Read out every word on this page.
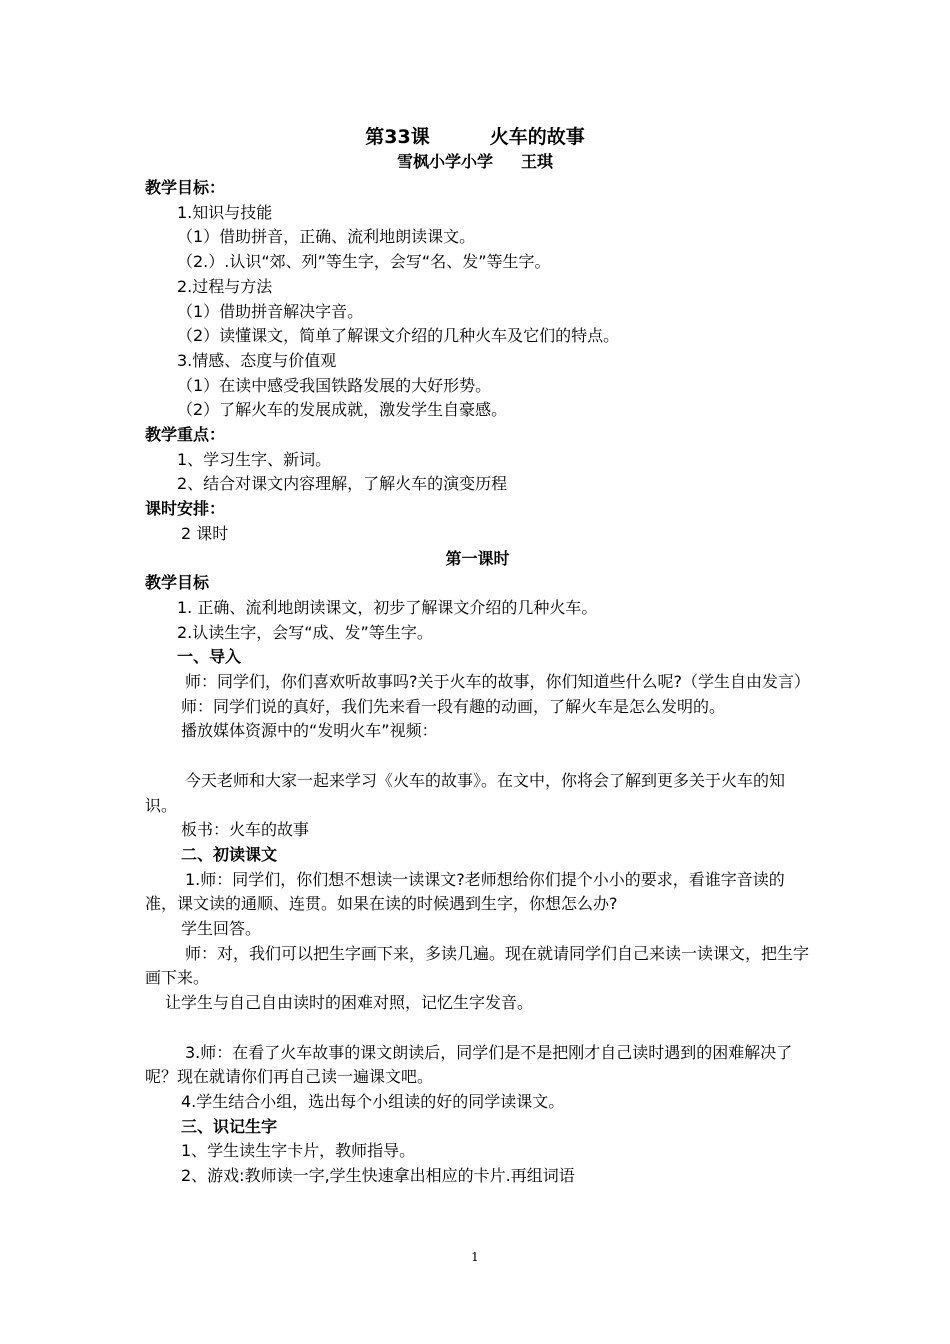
第33课	火车的故事
雪枫小学小学 王琪

教学目标：

1.知识与技能

（1）借助拼音，正确、流利地朗读课文。

（2.）.认识“郊、列”等生字，会写“名、发”等生字。

2.过程与方法

（1）借助拼音解决字音。

（2）读懂课文，简单了解课文介绍的几种火车及它们的特点。

3.情感、态度与价值观

（1）在读中感受我国铁路发展的大好形势。

（2）了解火车的发展成就，激发学生自豪感。

教学重点：

1、学习生字、新词。

2、结合对课文内容理解，了解火车的演变历程

课时安排：

2 课时

第一课时

教学目标

1. 正确、流利地朗读课文，初步了解课文介绍的几种火车。

2.认读生字，会写“成、发”等生字。

一、导入

师：同学们，你们喜欢听故事吗?关于火车的故事，你们知道些什么呢?（学生自由发言）

师：同学们说的真好，我们先来看一段有趣的动画，了解火车是怎么发明的。

播放媒体资源中的“发明火车”视频：

今天老师和大家一起来学习《火车的故事》。在文中，你将会了解到更多关于火车的知识。

板书：火车的故事

二、初读课文

1.师：同学们，你们想不想读一读课文?老师想给你们提个小小的要求，看谁字音读的准，课文读的通顺、连贯。如果在读的时候遇到生字，你想怎么办?

学生回答。

师：对，我们可以把生字画下来，多读几遍。现在就请同学们自己来读一读课文，把生字画下来。

让学生与自己自由读时的困难对照，记忆生字发音。

3.师：在看了火车故事的课文朗读后，同学们是不是把刚才自己读时遇到的困难解决了呢？现在就请你们再自己读一遍课文吧。

4.学生结合小组，选出每个小组读的好的同学读课文。

三、识记生字

1、学生读生字卡片，教师指导。

2、游戏:教师读一字,学生快速拿出相应的卡片.再组词语

1
